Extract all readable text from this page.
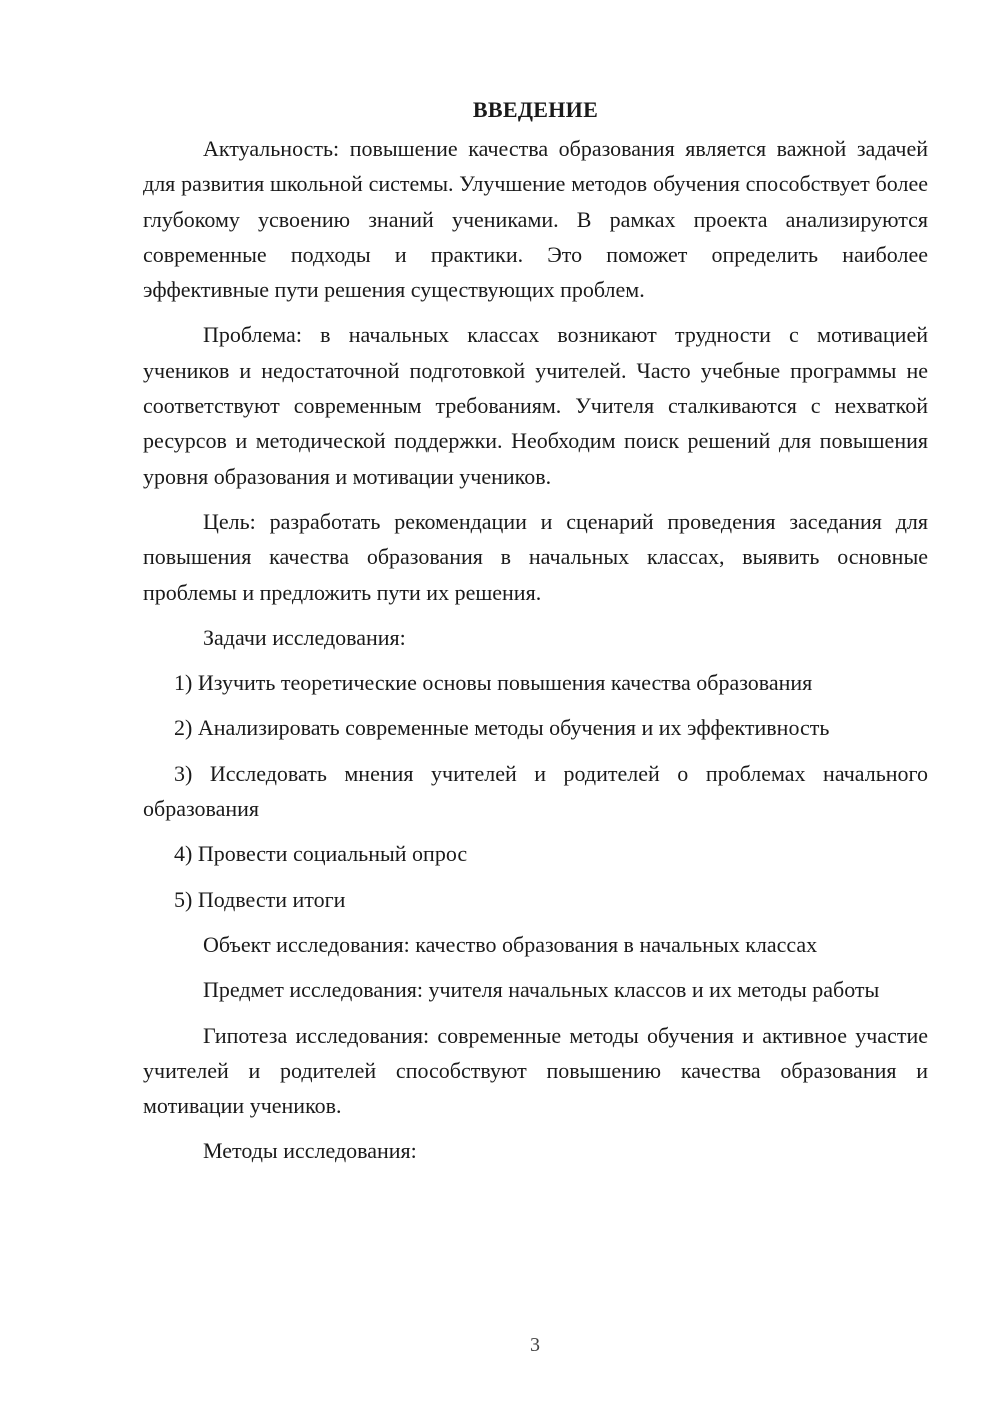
ВВЕДЕНИЕ

Актуальность: повышение качества образования является важной задачей для развития школьной системы. Улучшение методов обучения способствует более глубокому усвоению знаний учениками. В рамках проекта анализируются современные подходы и практики. Это поможет определить наиболее эффективные пути решения существующих проблем.

Проблема: в начальных классах возникают трудности с мотивацией учеников и недостаточной подготовкой учителей. Часто учебные программы не соответствуют современным требованиям. Учителя сталкиваются с нехваткой ресурсов и методической поддержки. Необходим поиск решений для повышения уровня образования и мотивации учеников.

Цель: разработать рекомендации и сценарий проведения заседания для повышения качества образования в начальных классах, выявить основные проблемы и предложить пути их решения.

Задачи исследования:

1) Изучить теоретические основы повышения качества образования

2) Анализировать современные методы обучения и их эффективность

3) Исследовать мнения учителей и родителей о проблемах начального образования

4) Провести социальный опрос

5) Подвести итоги

Объект исследования: качество образования в начальных классах

Предмет исследования: учителя начальных классов и их методы работы

Гипотеза исследования: современные методы обучения и активное участие учителей и родителей способствуют повышению качества образования и мотивации учеников.

Методы исследования:

3
